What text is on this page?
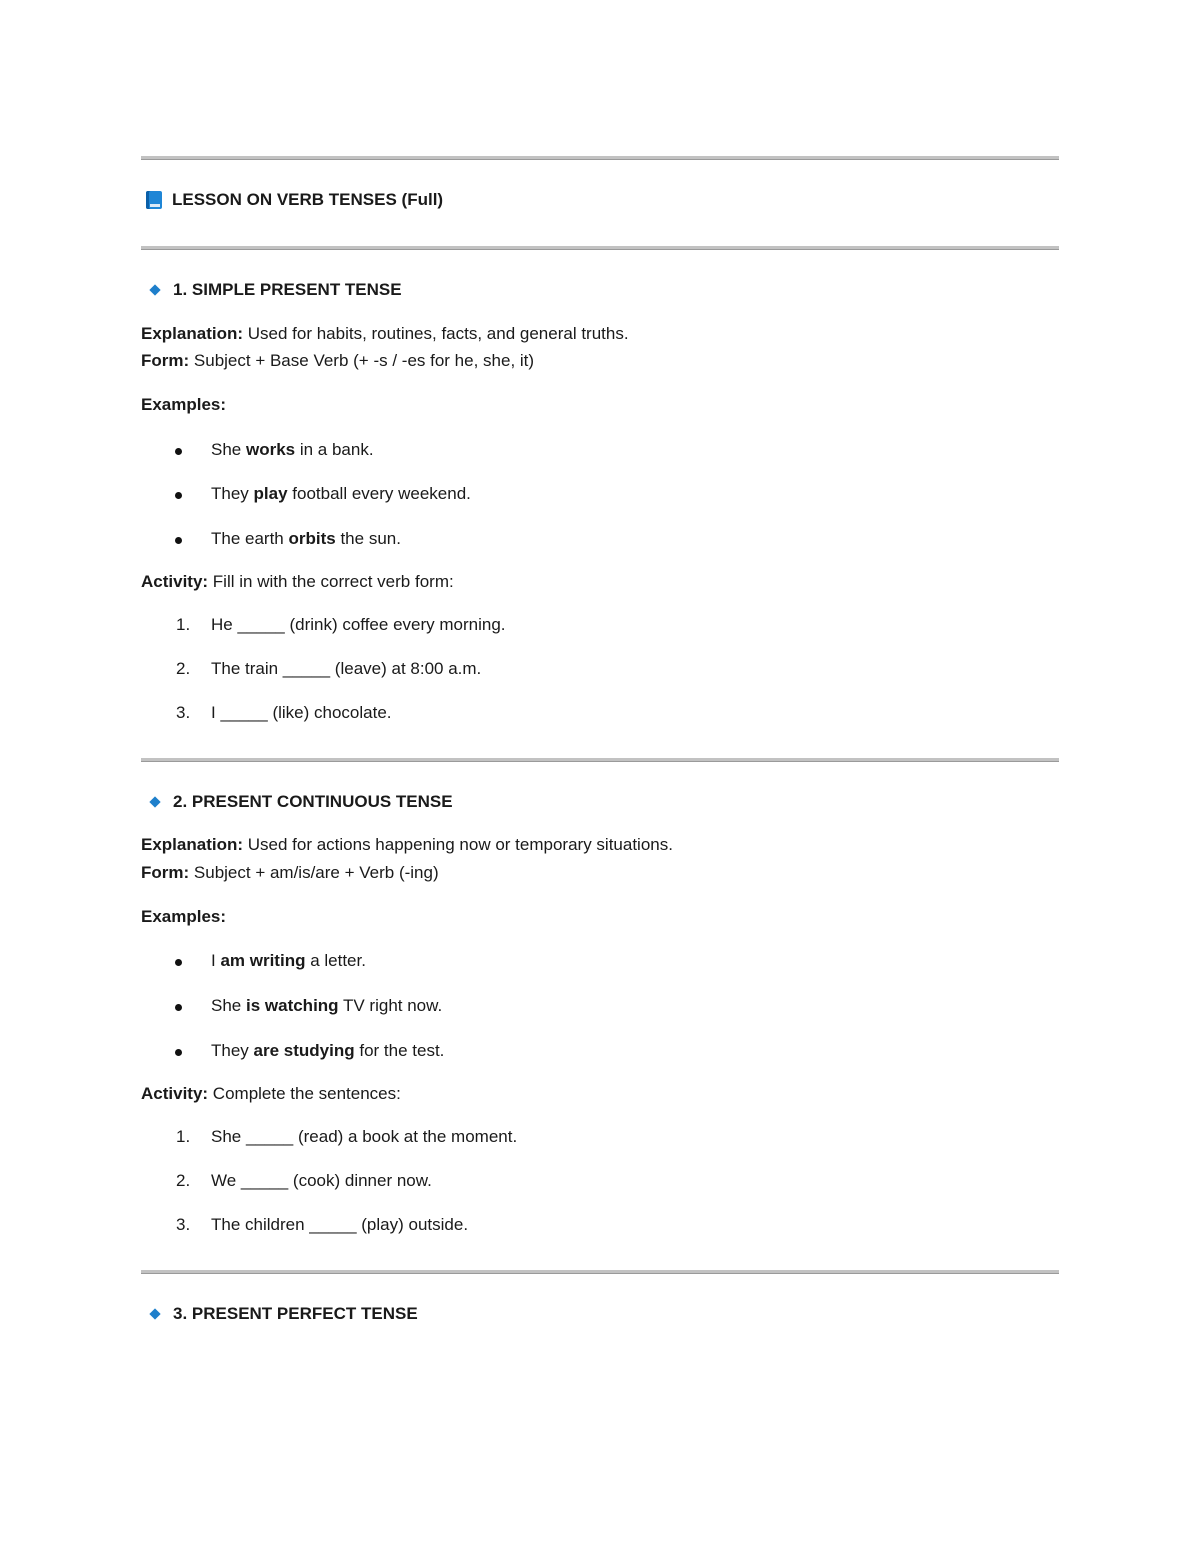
LESSON ON VERB TENSES (Full)
1. SIMPLE PRESENT TENSE
Explanation: Used for habits, routines, facts, and general truths.
Form: Subject + Base Verb (+ -s / -es for he, she, it)
Examples:
She works in a bank.
They play football every weekend.
The earth orbits the sun.
Activity: Fill in with the correct verb form:
1.	He _____ (drink) coffee every morning.
2.	The train _____ (leave) at 8:00 a.m.
3.	I _____ (like) chocolate.
2. PRESENT CONTINUOUS TENSE
Explanation: Used for actions happening now or temporary situations.
Form: Subject + am/is/are + Verb (-ing)
Examples:
I am writing a letter.
She is watching TV right now.
They are studying for the test.
Activity: Complete the sentences:
1.	She _____ (read) a book at the moment.
2.	We _____ (cook) dinner now.
3.	The children _____ (play) outside.
3. PRESENT PERFECT TENSE
